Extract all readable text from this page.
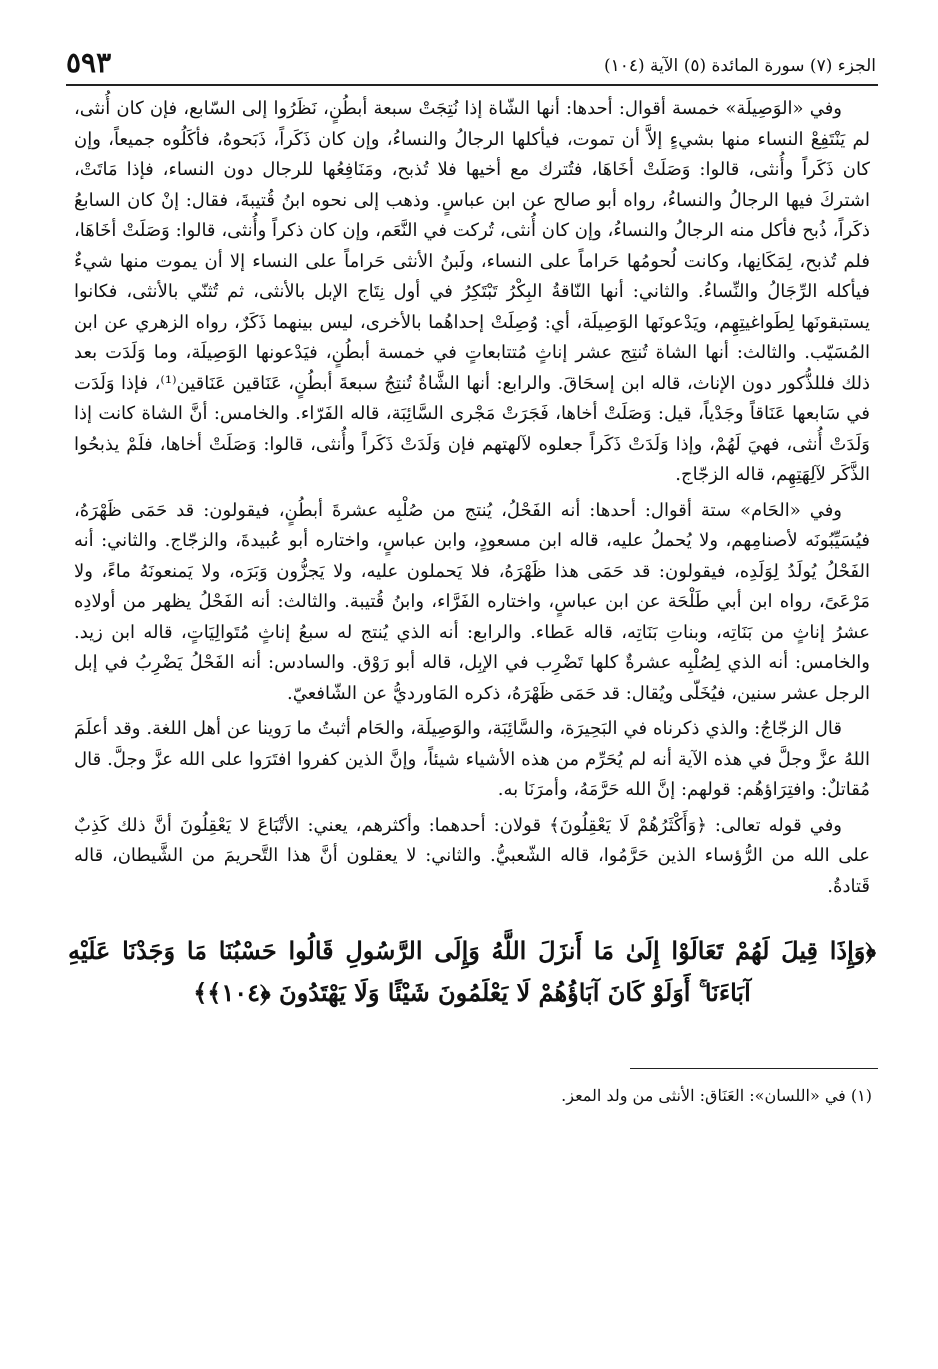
٥٩٣	الجزء (٧) سورة المائدة (٥) الآية (١٠٤)

وفي «الوَصِيلَة» خمسة أقوال: أحدها: أنها الشّاة إذا نُتِجَتْ سبعة أبطُنٍ، نَظَرُوا إلى السّابع، فإن كان أُنثى، لم يَنْتَفِعْ النساء منها بشيءٍ إلاَّ أن تموت، فيأكلها الرجالُ والنساءُ، وإن كان ذَكَراً، ذَبَحوهُ، فأكَلُوه جميعاً، وإن كان ذَكَراً وأُنثى، قالوا: وَصَلَتْ أخَاهَا، فتُترك مع أخيها فلا تُذبح، ومَنَافِعُها للرجال دون النساء، فإذا مَاتَتْ، اشتركَ فيها الرجالُ والنساءُ، رواه أبو صالح عن ابن عباسٍ. وذهب إلى نحوه ابنُ قُتيبةَ، فقال: إنْ كان السابعُ ذكَراً، ذُبح فأكل منه الرجالُ والنساءُ، وإن كان أُنثى، تُركت في النَّعَم، وإن كان ذكراً وأُنثى، قالوا: وَصَلَتْ أخَاهَا، فلم تُذبح، لِمَكَانِها، وكانت لُحومُها حَراماً على النساء، ولَبنُ الأنثى حَراماً على النساء إلا أن يموت منها شيءٌ فيأكله الرِّجَالُ والنِّساءُ. والثاني: أنها النّاقةُ البِكْرُ تَبْتَكِرُ في أول نِتَاج الإبل بالأنثى، ثم تُثنّي بالأنثى، فكانوا يستبقونَها لِطَواغيتِهِم، ويَدْعونَها الوَصِيلَة، أي: وُصِلَتْ إحداهُما بالأخرى، ليس بينهما ذَكَرٌ، رواه الزهري عن ابن المُسَيّب. والثالث: أنها الشاة تُنتِج عشر إناثٍ مُتتابعاتٍ في خمسة أبطُنٍ، فيَدْعونها الوَصِيلَة، وما وَلَدَت بعد ذلك فللذُّكور دون الإناث، قاله ابن إسحَاقَ. والرابع: أنها الشَّاةُ تُنتِجُ سبعةَ أبطُنٍ، عَنَاقين عَنَاقين⁽¹⁾، فإذا وَلَدَت في سَابعها عَنَاقاً وجَدْياً، قيل: وَصَلَتْ أخاها، فَجَرَتْ مَجْرى السَّائِبَة، قاله الفَرّاء. والخامس: أنَّ الشاة كانت إذا وَلَدَتْ أُنثى، فهيَ لَهُمْ، وإذا وَلَدَتْ ذَكَراً جعلوه لآلهتهم فإن وَلَدَتْ ذَكَراً وأُنثى، قالوا: وَصَلَتْ أخاها، فلَمْ يذبحُوا الذَّكَر لآلِهَتِهِم، قاله الزجّاج.

وفي «الحَام» ستة أقوال: أحدها: أنه الفَحْلُ، يُنتج من صُلْبِه عشرةَ أبطُنٍ، فيقولون: قد حَمَى ظَهْرَهُ، فيُسَيِّبُونَه لأصنامِهم، ولا يُحملُ عليه، قاله ابن مسعودٍ، وابن عباسٍ، واختاره أبو عُبيدةَ، والزجّاج. والثاني: أنه الفَحْلُ يُولَدُ لِوَلَدِه، فيقولون: قد حَمَى هذا ظَهْرَهُ، فلا يَحملون عليه، ولا يَجزُّون وَبَرَه، ولا يَمنعونَهُ ماءً، ولا مَرْعَىً، رواه ابن أبي طَلْحَة عن ابن عباسٍ، واختاره الفَرَّاء، وابنُ قُتيبة. والثالث: أنه الفَحْلُ يظهر من أولادِه عشرُ إناثٍ من بَنَاتِه، وبناتِ بَنَاتِه، قاله عَطاء. والرابع: أنه الذي يُنتج له سبعُ إناثٍ مُتَوالِيَاتٍ، قاله ابن زيد. والخامس: أنه الذي لِصُلْبِه عشرةٌ كلها تَضْرِب في الإبِل، قاله أبو رَوْق. والسادس: أنه الفَحْلُ يَضْرِبُ في إبل الرجل عشر سنين، فيُخَلّى ويُقال: قد حَمَى ظَهْرَهُ، ذكره المَاورديُّ عن الشّافعيّ.

قال الزجّاجُ: والذي ذكرناه في البَحِيرَة، والسَّائِبَة، والوَصِيلَة، والحَام أثبتُ ما رَوينا عن أهل اللغة. وقد أعلَمَ اللهُ عزَّ وجلَّ في هذه الآية أنه لم يُحَرِّم من هذه الأشياء شيئاً، وإنَّ الذين كفروا افتَرَوا على الله عزَّ وجلَّ. قال مُقاتلٌ: وافتِرَاؤهُم: قولهم: إنَّ الله حَرَّمَهُ، وأمرَنَا به.

وفي قوله تعالى: ﴿وَأَكْثَرُهُمْ لَا يَعْقِلُونَ﴾ قولان: أحدهما: وأكثرهم، يعني: الأتْبَاعَ لا يَعْقِلُونَ أنَّ ذلك كَذِبٌ على الله من الرُّؤساء الذين حَرَّمُوا، قاله الشّعبيُّ. والثاني: لا يعقلون أنَّ هذا التَّحريمَ من الشَّيطان، قاله قَتادةُ.

﴿وَإِذَا قِيلَ لَهُمْ تَعَالَوْا إِلَىٰ مَا أَنزَلَ اللَّهُ وَإِلَى الرَّسُولِ قَالُوا حَسْبُنَا مَا وَجَدْنَا عَلَيْهِ آبَاءَنَا ۚ أَوَلَوْ كَانَ آبَاؤُهُمْ لَا يَعْلَمُونَ شَيْئًا وَلَا يَهْتَدُونَ ﴿١٠٤﴾﴾
(١) في «اللسان»: العَنَاق: الأنثى من ولد المعز.
